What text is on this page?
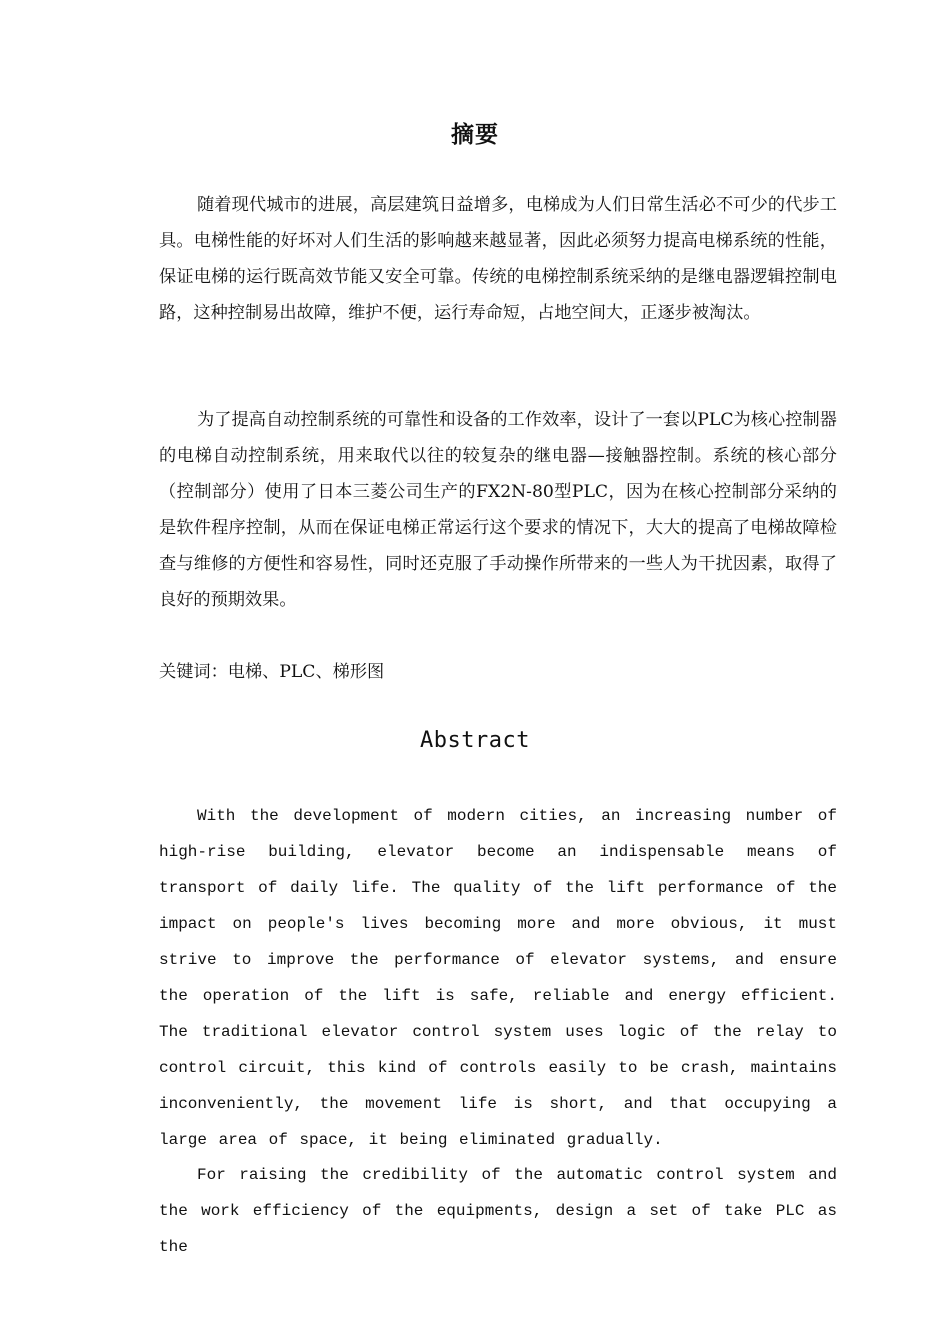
摘要

随着现代城市的进展，高层建筑日益增多，电梯成为人们日常生活必不可少的代步工具。电梯性能的好坏对人们生活的影响越来越显著，因此必须努力提高电梯系统的性能，保证电梯的运行既高效节能又安全可靠。传统的电梯控制系统采纳的是继电器逻辑控制电路，这种控制易出故障，维护不便，运行寿命短，占地空间大，正逐步被淘汰。

为了提高自动控制系统的可靠性和设备的工作效率，设计了一套以PLC为核心控制器的电梯自动控制系统，用来取代以往的较复杂的继电器—接触器控制。系统的核心部分（控制部分）使用了日本三菱公司生产的FX2N-80型PLC，因为在核心控制部分采纳的是软件程序控制，从而在保证电梯正常运行这个要求的情况下，大大的提高了电梯故障检查与维修的方便性和容易性，同时还克服了手动操作所带来的一些人为干扰因素，取得了良好的预期效果。

关键词：电梯、PLC、梯形图
Abstract

With the development of modern cities, an increasing number of high-rise building, elevator become an indispensable means of transport of daily life. The quality of the lift performance of the impact on people's lives becoming more and more obvious, it must strive to improve the performance of elevator systems, and ensure the operation of the lift is safe, reliable and energy efficient. The traditional elevator control system uses logic of the relay to control circuit, this kind of controls easily to be crash, maintains inconveniently, the movement life is short, and that occupying a large area of space, it being eliminated gradually.

For raising the credibility of the automatic control system and the work efficiency of the equipments, design a set of take PLC as the
